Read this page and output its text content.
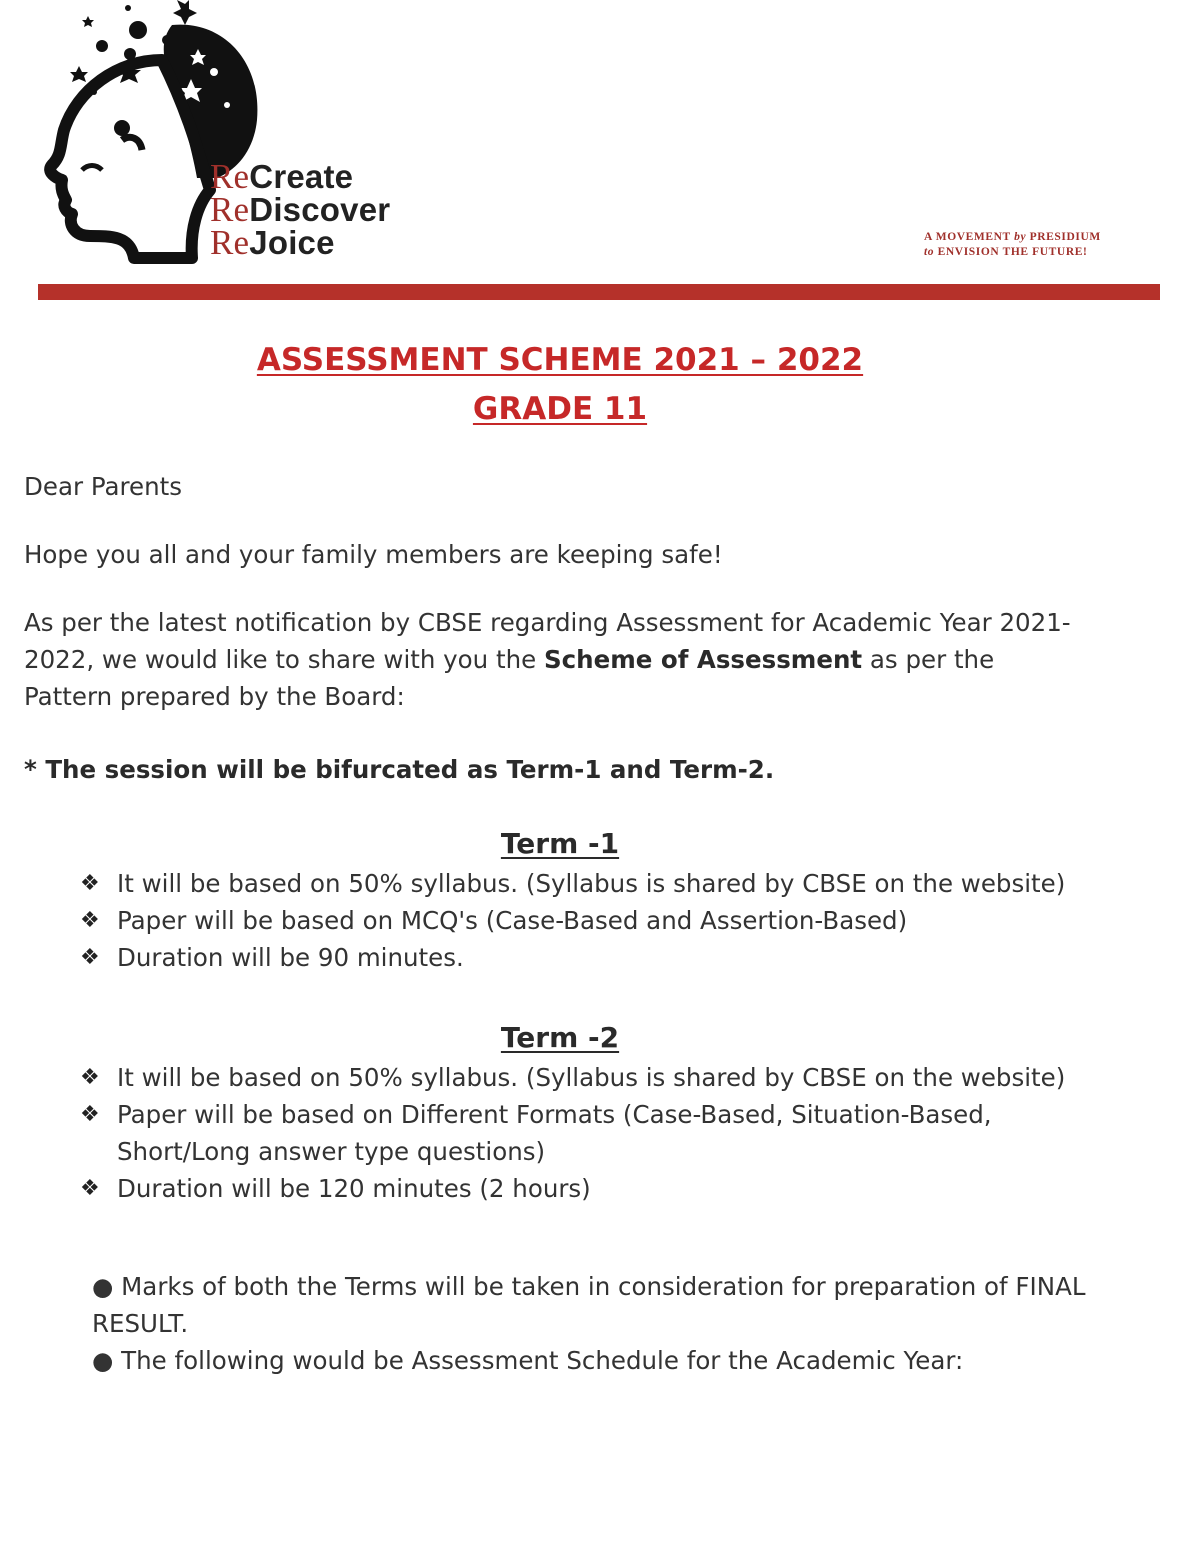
ReCreate
ReDiscover
ReJoice	A MOVEMENT by PRESIDIUM
to ENVISION THE FUTURE!
ASSESSMENT SCHEME 2021 – 2022
GRADE 11
Dear Parents
Hope you all and your family members are keeping safe!
As per the latest notification by CBSE regarding Assessment for Academic Year 2021-2022, we would like to share with you the Scheme of Assessment as per the Pattern prepared by the Board:
* The session will be bifurcated as Term-1 and Term-2.
Term -1
❖ It will be based on 50% syllabus. (Syllabus is shared by CBSE on the website)
❖ Paper will be based on MCQ's (Case-Based and Assertion-Based)
❖ Duration will be 90 minutes.
Term -2
❖ It will be based on 50% syllabus. (Syllabus is shared by CBSE on the website)
❖ Paper will be based on Different Formats (Case-Based, Situation-Based, Short/Long answer type questions)
❖ Duration will be 120 minutes (2 hours)
● Marks of both the Terms will be taken in consideration for preparation of FINAL RESULT.
● The following would be Assessment Schedule for the Academic Year:
